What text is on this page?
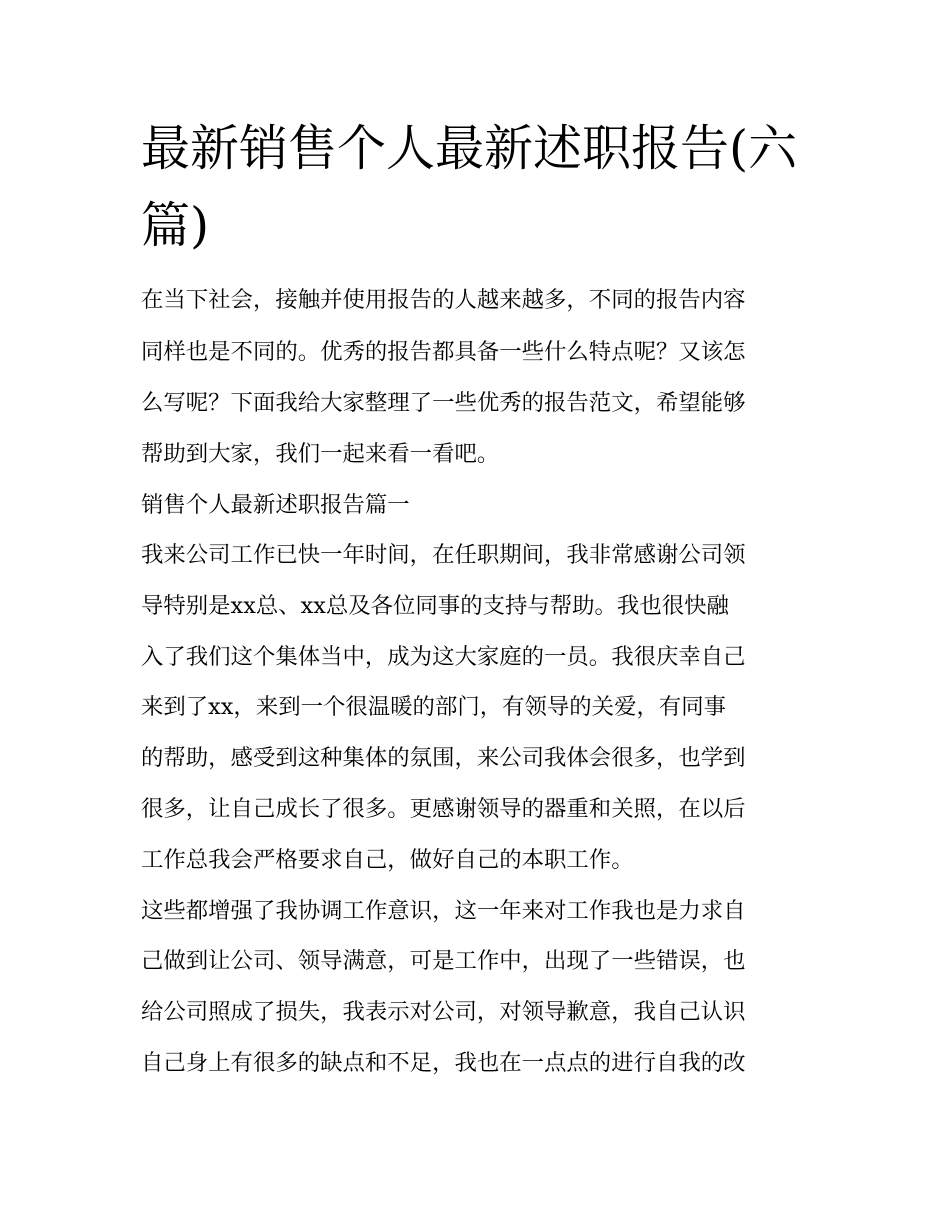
最新销售个人最新述职报告(六篇)

在当下社会，接触并使用报告的人越来越多，不同的报告内容

同样也是不同的。优秀的报告都具备一些什么特点呢？又该怎

么写呢？下面我给大家整理了一些优秀的报告范文，希望能够

帮助到大家，我们一起来看一看吧。

销售个人最新述职报告篇一

我来公司工作已快一年时间，在任职期间，我非常感谢公司领

导特别是xx总、xx总及各位同事的支持与帮助。我也很快融

入了我们这个集体当中，成为这大家庭的一员。我很庆幸自己

来到了xx，来到一个很温暖的部门，有领导的关爱，有同事

的帮助，感受到这种集体的氛围，来公司我体会很多，也学到

很多，让自己成长了很多。更感谢领导的器重和关照，在以后

工作总我会严格要求自己，做好自己的本职工作。

这些都增强了我协调工作意识，这一年来对工作我也是力求自

己做到让公司、领导满意，可是工作中，出现了一些错误，也

给公司照成了损失，我表示对公司，对领导歉意，我自己认识

自己身上有很多的缺点和不足，我也在一点点的进行自我的改
